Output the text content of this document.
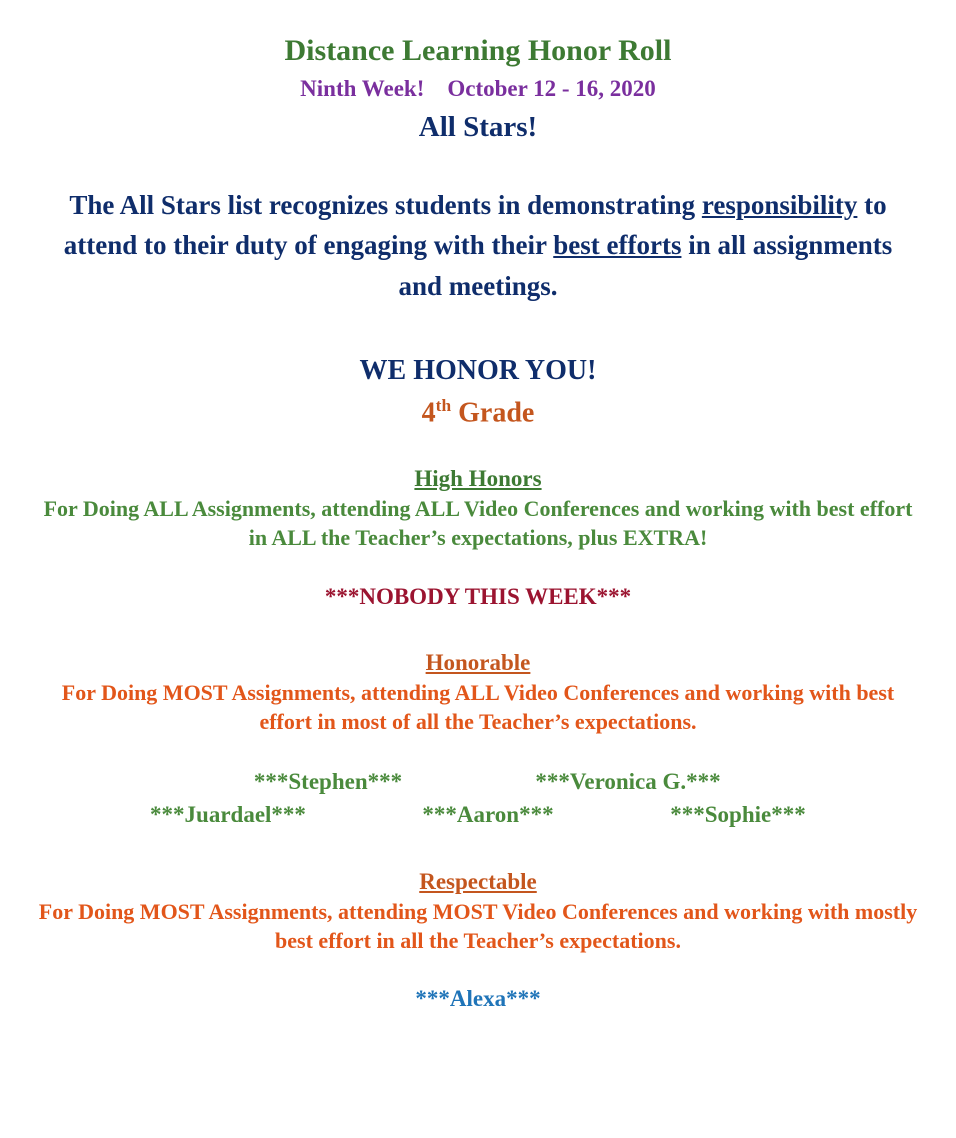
Distance Learning Honor Roll
Ninth Week!    October 12 - 16, 2020
All Stars!

The All Stars list recognizes students in demonstrating responsibility to attend to their duty of engaging with their best efforts in all assignments and meetings.

WE HONOR YOU!
4th Grade
High Honors
For Doing ALL Assignments, attending ALL Video Conferences and working with best effort in ALL the Teacher’s expectations, plus EXTRA!
***NOBODY THIS WEEK***
Honorable
For Doing MOST Assignments, attending ALL Video Conferences and working with best effort in most of all the Teacher’s expectations.
***Stephen***	***Veronica G.***
***Juardael***	***Aaron***	***Sophie***
Respectable
For Doing MOST Assignments, attending MOST Video Conferences and working with mostly best effort in all the Teacher’s expectations.
***Alexa***
